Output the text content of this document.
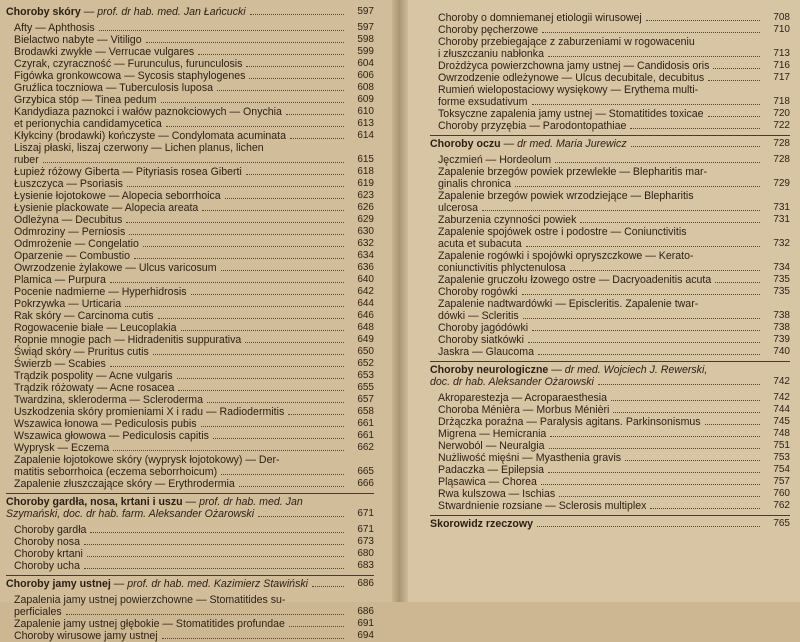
Choroby skóry — prof. dr hab. med. Jan Łańcucki	597
Afty — Aphthosis	597
Bielactwo nabyte — Vitiligo	598
Brodawki zwykłe — Verrucae vulgares	599
Czyrak, czyraczność — Furunculus, furunculosis	604
Figówka gronkowcowa — Sycosis staphylogenes	606
Gruźlica toczniowa — Tuberculosis luposa	608
Grzybica stóp — Tinea pedum	609
Kandydiaza paznokci i wałów paznokciowych — Onychia	610
et perionychia candidamycetica	613
Kłykciny (brodawki) kończyste — Condylomata acuminata	614
Liszaj płaski, liszaj czerwony — Lichen planus, lichen
ruber	615
Łupież różowy Giberta — Pityriasis rosea Giberti	618
Łuszczyca — Psoriasis	619
Łysienie łojotokowe — Alopecia seborrhoica	623
Łysienie plackowate — Alopecia areata	626
Odleżyna — Decubitus	629
Odmroziny — Perniosis	630
Odmrożenie — Congelatio	632
Oparzenie — Combustio	634
Owrzodzenie żylakowe — Ulcus varicosum	636
Plamica — Purpura	640
Pocenie nadmierne — Hyperhidrosis	642
Pokrzywka — Urticaria	644
Rak skóry — Carcinoma cutis	646
Rogowacenie białe — Leucoplakia	648
Ropnie mnogie pach — Hidradenitis suppurativa	649
Świąd skóry — Pruritus cutis	650
Świerzb — Scabies	652
Trądzik pospolity — Acne vulgaris	653
Trądzik różowaty — Acne rosacea	655
Twardzina, skleroderma — Scleroderma	657
Uszkodzenia skóry promieniami X i radu — Radiodermitis	658
Wszawica łonowa — Pediculosis pubis	661
Wszawica głowowa — Pediculosis capitis	661
Wyprysk — Eczema	662
Zapalenie łojotokowe skóry (wyprysk łojotokowy) — Der-
matitis seborrhoica (eczema seborrhoicum)	665
Zapalenie złuszczające skóry — Erythrodermia	666
Choroby gardła, nosa, krtani i uszu — prof. dr hab. med. Jan
Szymański, doc. dr hab. farm. Aleksander Ożarowski	671
Choroby gardła	671
Choroby nosa	673
Choroby krtani	680
Choroby ucha	683
Choroby jamy ustnej — prof. dr hab. med. Kazimierz Stawiński	686
Zapalenia jamy ustnej powierzchowne — Stomatitides su-
perficiales	686
Zapalenie jamy ustnej głębokie — Stomatitides profundae	691
Choroby wirusowe jamy ustnej	694
Choroby o domniemanej etiologii wirusowej	708
Choroby pęcherzowe	710
Choroby przebiegające z zaburzeniami w rogowaceniu
i złuszczaniu nabłonka	713
Drożdżyca powierzchowna jamy ustnej — Candidosis oris	716
Owrzodzenie odleżynowe — Ulcus decubitale, decubitus	717
Rumień wielopostaciowy wysiękowy — Erythema multi-
forme exsudativum	718
Toksyczne zapalenia jamy ustnej — Stomatitides toxicae	720
Choroby przyzębia — Parodontopathiae	722
Choroby oczu — dr med. Maria Jurewicz	728
Jęczmień — Hordeolum	728
Zapalenie brzegów powiek przewlekłe — Blepharitis mar-
ginalis chronica	729
Zapalenie brzegów powiek wrzodziejące — Blepharitis
ulcerosa	731
Zaburzenia czynności powiek	731
Zapalenie spojówek ostre i podostre — Coniunctivitis
acuta et subacuta	732
Zapalenie rogówki i spojówki opryszczkowe — Kerato-
coniunctivitis phlyctenulosa	734
Zapalenie gruczołu łzowego ostre — Dacryoadenitis acuta	735
Choroby rogówki	735
Zapalenie nadtwardówki — Episcleritis. Zapalenie twar-
dówki — Scleritis	738
Choroby jagódówki	738
Choroby siatkówki	739
Jaskra — Glaucoma	740
Choroby neurologiczne — dr med. Wojciech J. Rewerski,
doc. dr hab. Aleksander Ożarowski	742
Akroparestezja — Acroparaesthesia	742
Choroba Ménièra — Morbus Ménièri	744
Drżączka poraźna — Paralysis agitans. Parkinsonismus	745
Migrena — Hemicrania	748
Nerwoból — Neuralgia	751
Nużliwość mięśni — Myasthenia gravis	753
Padaczka — Epilepsia	754
Pląsawica — Chorea	757
Rwa kulszowa — Ischias	760
Stwardnienie rozsiane — Sclerosis multiplex	762
Skorowidz rzeczowy	765
